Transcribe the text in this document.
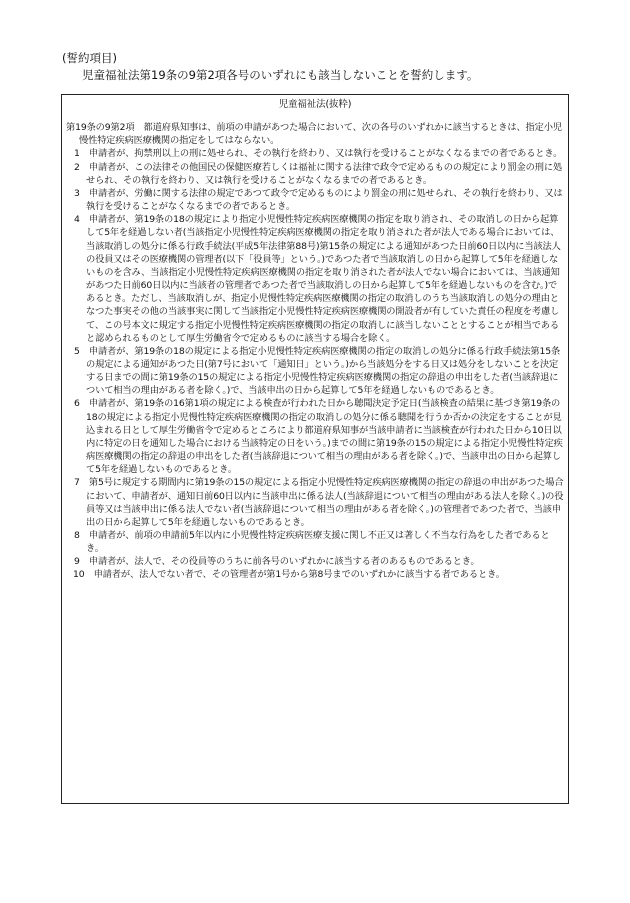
(誓約項目)
児童福祉法第19条の9第2項各号のいずれにも該当しないことを誓約します。
児童福祉法(抜粋)

第19条の9第2項　都道府県知事は、前項の申請があつた場合において、次の各号のいずれかに該当するときは、指定小児慢性特定疾病医療機関の指定をしてはならない。

1　 申請者が、拘禁刑以上の刑に処せられ、その執行を終わり、又は執行を受けることがなくなるまでの者であるとき。

2　 申請者が、この法律その他国民の保健医療若しくは福祉に関する法律で政令で定めるものの規定により罰金の刑に処せられ、その執行を終わり、又は執行を受けることがなくなるまでの者であるとき。

3　 申請者が、労働に関する法律の規定であつて政令で定めるものにより罰金の刑に処せられ、その執行を終わり、又は執行を受けることがなくなるまでの者であるとき。

4　 申請者が、第19条の18の規定により指定小児慢性特定疾病医療機関の指定を取り消され、その取消しの日から起算して5年を経過しない者(当該指定小児慢性特定疾病医療機関の指定を取り消された者が法人である場合においては、当該取消しの処分に係る行政手続法(平成5年法律第88号)第15条の規定による通知があつた日前60日以内に当該法人の役員又はその医療機関の管理者(以下「役員等」という。)であつた者で当該取消しの日から起算して5年を経過しないものを含み、当該指定小児慢性特定疾病医療機関の指定を取り消された者が法人でない場合においては、当該通知があつた日前60日以内に当該者の管理者であつた者で当該取消しの日から起算して5年を経過しないものを含む。)であるとき。ただし、当該取消しが、指定小児慢性特定疾病医療機関の指定の取消しのうち当該取消しの処分の理由となつた事実その他の当該事実に関して当該指定小児慢性特定疾病医療機関の開設者が有していた責任の程度を考慮して、この号本文に規定する指定小児慢性特定疾病医療機関の指定の取消しに該当しないこととすることが相当であると認められるものとして厚生労働省令で定めるものに該当する場合を除く。

5　 申請者が、第19条の18の規定による指定小児慢性特定疾病医療機関の指定の取消しの処分に係る行政手続法第15条の規定による通知があつた日(第7号において「通知日」という。)から当該処分をする日又は処分をしないことを決定する日までの間に第19条の15の規定による指定小児慢性特定疾病医療機関の指定の辞退の申出をした者(当該辞退について相当の理由がある者を除く。)で、当該申出の日から起算して5年を経過しないものであるとき。

6　 申請者が、第19条の16第1項の規定による検査が行われた日から聴聞決定予定日(当該検査の結果に基づき第19条の18の規定による指定小児慢性特定疾病医療機関の指定の取消しの処分に係る聴聞を行うか否かの決定をすることが見込まれる日として厚生労働省令で定めるところにより都道府県知事が当該申請者に当該検査が行われた日から10日以内に特定の日を通知した場合における当該特定の日をいう。)までの間に第19条の15の規定による指定小児慢性特定疾病医療機関の指定の辞退の申出をした者(当該辞退について相当の理由がある者を除く。)で、当該申出の日から起算して5年を経過しないものであるとき。

7　 第5号に規定する期間内に第19条の15の規定による指定小児慢性特定疾病医療機関の指定の辞退の申出があつた場合において、申請者が、通知日前60日以内に当該申出に係る法人(当該辞退について相当の理由がある法人を除く。)の役員等又は当該申出に係る法人でない者(当該辞退について相当の理由がある者を除く。)の管理者であつた者で、当該申出の日から起算して5年を経過しないものであるとき。

8　 申請者が、前項の申請前5年以内に小児慢性特定疾病医療支援に関し不正又は著しく不当な行為をした者であるとき。

9　 申請者が、法人で、その役員等のうちに前各号のいずれかに該当する者のあるものであるとき。

10　 申請者が、法人でない者で、その管理者が第1号から第8号までのいずれかに該当する者であるとき。
